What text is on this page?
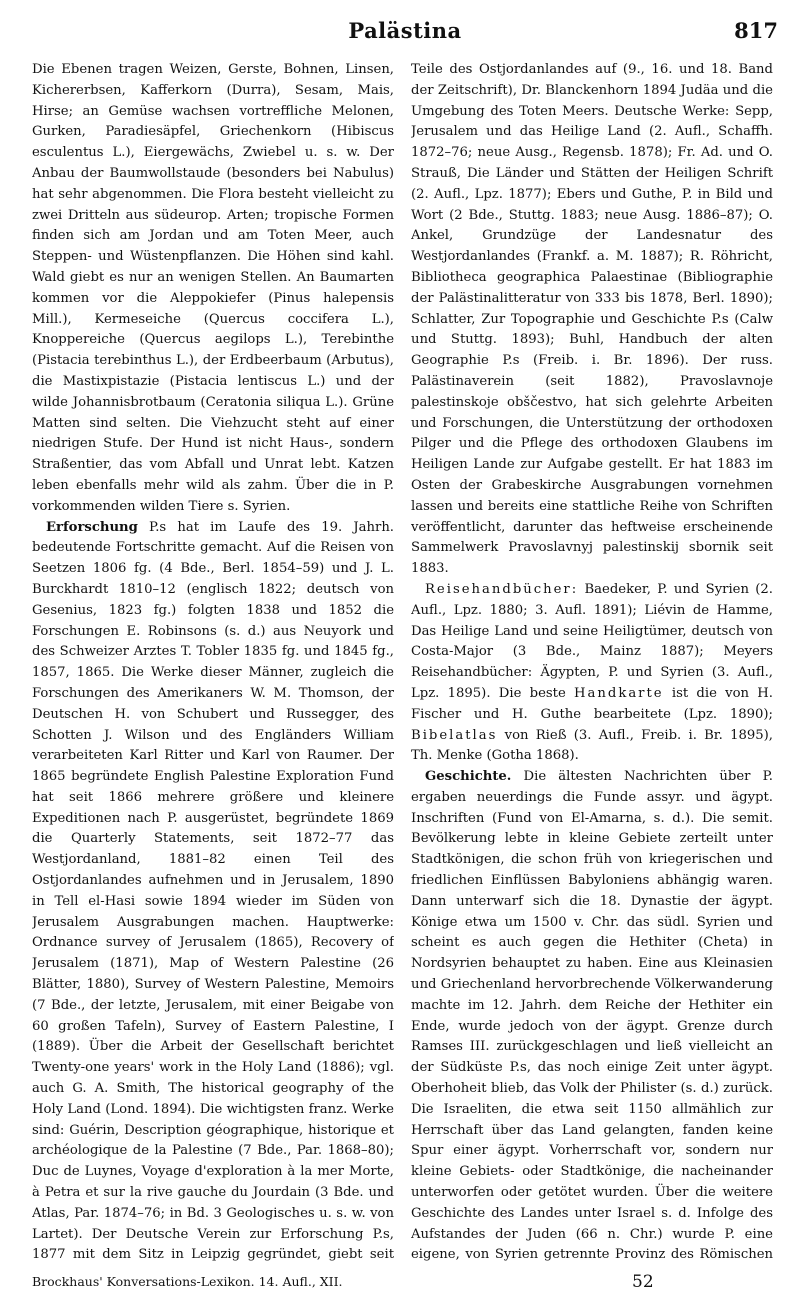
Palästina	817

Die Ebenen tragen Weizen, Gerste, Bohnen, Linsen, Kichererbsen, Kafferkorn (Durra), Sesam, Mais, Hirse; an Gemüse wachsen vortreffliche Melonen, Gurken, Paradiesäpfel, Griechenkorn (Hibiscus esculentus L.), Eiergewächs, Zwiebel u. s. w. Der Anbau der Baumwollstaude (besonders bei Nabulus) hat sehr abgenommen. Die Flora besteht vielleicht zu zwei Dritteln aus südeurop. Arten; tropische Formen finden sich am Jordan und am Toten Meer, auch Steppen- und Wüstenpflanzen. Die Höhen sind kahl. Wald giebt es nur an wenigen Stellen. An Baumarten kommen vor die Aleppokiefer (Pinus halepensis Mill.), Kermeseiche (Quercus coccifera L.), Knoppereiche (Quercus aegilops L.), Terebinthe (Pistacia terebinthus L.), der Erdbeerbaum (Arbutus), die Mastixpistazie (Pistacia lentiscus L.) und der wilde Johannisbrotbaum (Ceratonia siliqua L.). Grüne Matten sind selten. Die Viehzucht steht auf einer niedrigen Stufe. Der Hund ist nicht Haus-, sondern Straßentier, das vom Abfall und Unrat lebt. Katzen leben ebenfalls mehr wild als zahm. Über die in P. vorkommenden wilden Tiere s. Syrien.

Erforschung P.s hat im Laufe des 19. Jahrh. bedeutende Fortschritte gemacht. Auf die Reisen von Seetzen 1806 fg. (4 Bde., Berl. 1854–59) und J. L. Burckhardt 1810–12 (englisch 1822; deutsch von Gesenius, 1823 fg.) folgten 1838 und 1852 die Forschungen E. Robinsons (s. d.) aus Neuyork und des Schweizer Arztes T. Tobler 1835 fg. und 1845 fg., 1857, 1865. Die Werke dieser Männer, zugleich die Forschungen des Amerikaners W. M. Thomson, der Deutschen H. von Schubert und Russegger, des Schotten J. Wilson und des Engländers William verarbeiteten Karl Ritter und Karl von Raumer. Der 1865 begründete English Palestine Exploration Fund hat seit 1866 mehrere größere und kleinere Expeditionen nach P. ausgerüstet, begründete 1869 die Quarterly Statements, seit 1872–77 das Westjordanland, 1881–82 einen Teil des Ostjordanlandes aufnehmen und in Jerusalem, 1890 in Tell el-Hasi sowie 1894 wieder im Süden von Jerusalem Ausgrabungen machen. Hauptwerke: Ordnance survey of Jerusalem (1865), Recovery of Jerusalem (1871), Map of Western Palestine (26 Blätter, 1880), Survey of Western Palestine, Memoirs (7 Bde., der letzte, Jerusalem, mit einer Beigabe von 60 großen Tafeln), Survey of Eastern Palestine, I (1889). Über die Arbeit der Gesellschaft berichtet Twenty-one years' work in the Holy Land (1886); vgl. auch G. A. Smith, The historical geography of the Holy Land (Lond. 1894). Die wichtigsten franz. Werke sind: Guérin, Description géographique, historique et archéologique de la Palestine (7 Bde., Par. 1868–80); Duc de Luynes, Voyage d'exploration à la mer Morte, à Petra et sur la rive gauche du Jourdain (3 Bde. und Atlas, Par. 1874–76; in Bd. 3 Geologisches u. s. w. von Lartet). Der Deutsche Verein zur Erforschung P.s, 1877 mit dem Sitz in Leipzig gegründet, giebt seit

Teile des Ostjordanlandes auf (9., 16. und 18. Band der Zeitschrift), Dr. Blanckenhorn 1894 Judäa und die Umgebung des Toten Meers. Deutsche Werke: Sepp, Jerusalem und das Heilige Land (2. Aufl., Schaffh. 1872–76; neue Ausg., Regensb. 1878); Fr. Ad. und O. Strauß, Die Länder und Stätten der Heiligen Schrift (2. Aufl., Lpz. 1877); Ebers und Guthe, P. in Bild und Wort (2 Bde., Stuttg. 1883; neue Ausg. 1886–87); O. Ankel, Grundzüge der Landesnatur des Westjordanlandes (Frankf. a. M. 1887); R. Röhricht, Bibliotheca geographica Palaestinae (Bibliographie der Palästinalitteratur von 333 bis 1878, Berl. 1890); Schlatter, Zur Topographie und Geschichte P.s (Calw und Stuttg. 1893); Buhl, Handbuch der alten Geographie P.s (Freib. i. Br. 1896). Der russ. Palästinaverein (seit 1882), Pravoslavnoje palestinskoje obščestvo, hat sich gelehrte Arbeiten und Forschungen, die Unterstützung der orthodoxen Pilger und die Pflege des orthodoxen Glaubens im Heiligen Lande zur Aufgabe gestellt. Er hat 1883 im Osten der Grabeskirche Ausgrabungen vornehmen lassen und bereits eine stattliche Reihe von Schriften veröffentlicht, darunter das heftweise erscheinende Sammelwerk Pravoslavnyj palestinskij sbornik seit 1883.

Reisehandbücher: Baedeker, P. und Syrien (2. Aufl., Lpz. 1880; 3. Aufl. 1891); Liévin de Hamme, Das Heilige Land und seine Heiligtümer, deutsch von Costa-Major (3 Bde., Mainz 1887); Meyers Reisehandbücher: Ägypten, P. und Syrien (3. Aufl., Lpz. 1895). Die beste Handkarte ist die von H. Fischer und H. Guthe bearbeitete (Lpz. 1890); Bibelatlas von Rieß (3. Aufl., Freib. i. Br. 1895), Th. Menke (Gotha 1868).

Geschichte. Die ältesten Nachrichten über P. ergaben neuerdings die Funde assyr. und ägypt. Inschriften (Fund von El-Amarna, s. d.). Die semit. Bevölkerung lebte in kleine Gebiete zerteilt unter Stadtkönigen, die schon früh von kriegerischen und friedlichen Einflüssen Babyloniens abhängig waren. Dann unterwarf sich die 18. Dynastie der ägypt. Könige etwa um 1500 v. Chr. das südl. Syrien und scheint es auch gegen die Hethiter (Cheta) in Nordsyrien behauptet zu haben. Eine aus Kleinasien und Griechenland hervorbrechende Völkerwanderung machte im 12. Jahrh. dem Reiche der Hethiter ein Ende, wurde jedoch von der ägypt. Grenze durch Ramses III. zurückgeschlagen und ließ vielleicht an der Südküste P.s, das noch einige Zeit unter ägypt. Oberhoheit blieb, das Volk der Philister (s. d.) zurück. Die Israeliten, die etwa seit 1150 allmählich zur Herrschaft über das Land gelangten, fanden keine Spur einer ägypt. Vorherrschaft vor, sondern nur kleine Gebiets- oder Stadtkönige, die nacheinander unterworfen oder getötet wurden. Über die weitere Geschichte des Landes unter Israel s. d. Infolge des Aufstandes der Juden (66 n. Chr.) wurde P. eine eigene, von Syrien getrennte Provinz des Römischen

Brockhaus' Konversations-Lexikon. 14. Aufl., XII.	52
